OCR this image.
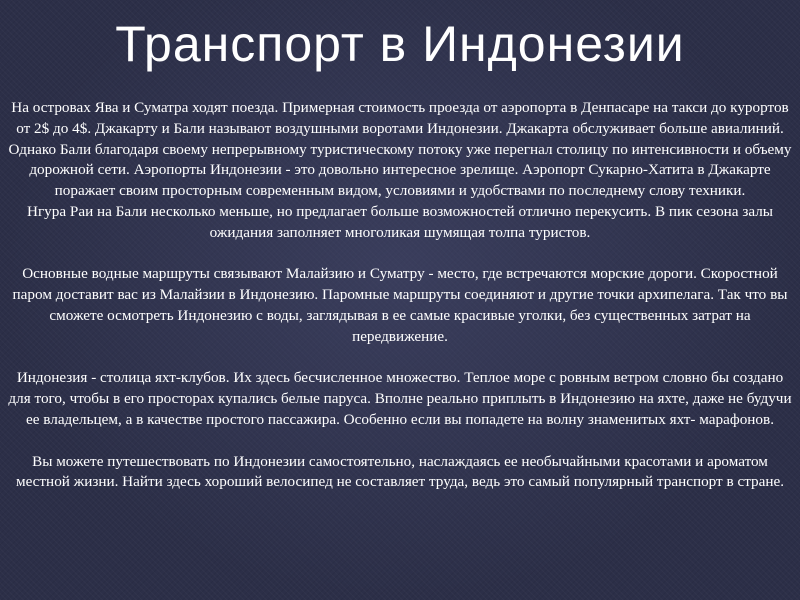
Транспорт в Индонезии

На островах Ява и Суматра ходят поезда. Примерная стоимость проезда от аэропорта в Денпасаре на такси до курортов от 2$ до 4$. Джакарту и Бали называют воздушными воротами Индонезии. Джакарта обслуживает больше авиалиний. Однако Бали благодаря своему непрерывному туристическому потоку уже перегнал столицу по интенсивности и объему дорожной сети. Аэропорты Индонезии - это довольно интересное зрелище. Аэропорт Сукарно-Хатита в Джакарте поражает своим просторным современным видом, условиями и удобствами по последнему слову техники.

Нгура Раи на Бали несколько меньше, но предлагает больше возможностей отлично перекусить. В пик сезона залы ожидания заполняет многоликая шумящая толпа туристов.

Основные водные маршруты связывают Малайзию и Суматру - место, где встречаются морские дороги. Скоростной паром доставит вас из Малайзии в Индонезию. Паромные маршруты соединяют и другие точки архипелага. Так что вы сможете осмотреть Индонезию с воды, заглядывая в ее самые красивые уголки, без существенных затрат на передвижение.

Индонезия - столица яхт-клубов. Их здесь бесчисленное множество. Теплое море с ровным ветром словно бы создано для того, чтобы в его просторах купались белые паруса. Вполне реально приплыть в Индонезию на яхте, даже не будучи ее владельцем, а в качестве простого пассажира. Особенно если вы попадете на волну знаменитых яхт- марафонов.

Вы можете путешествовать по Индонезии самостоятельно, наслаждаясь ее необычайными красотами и ароматом местной жизни. Найти здесь хороший велосипед не составляет труда, ведь это самый популярный транспорт в стране.
